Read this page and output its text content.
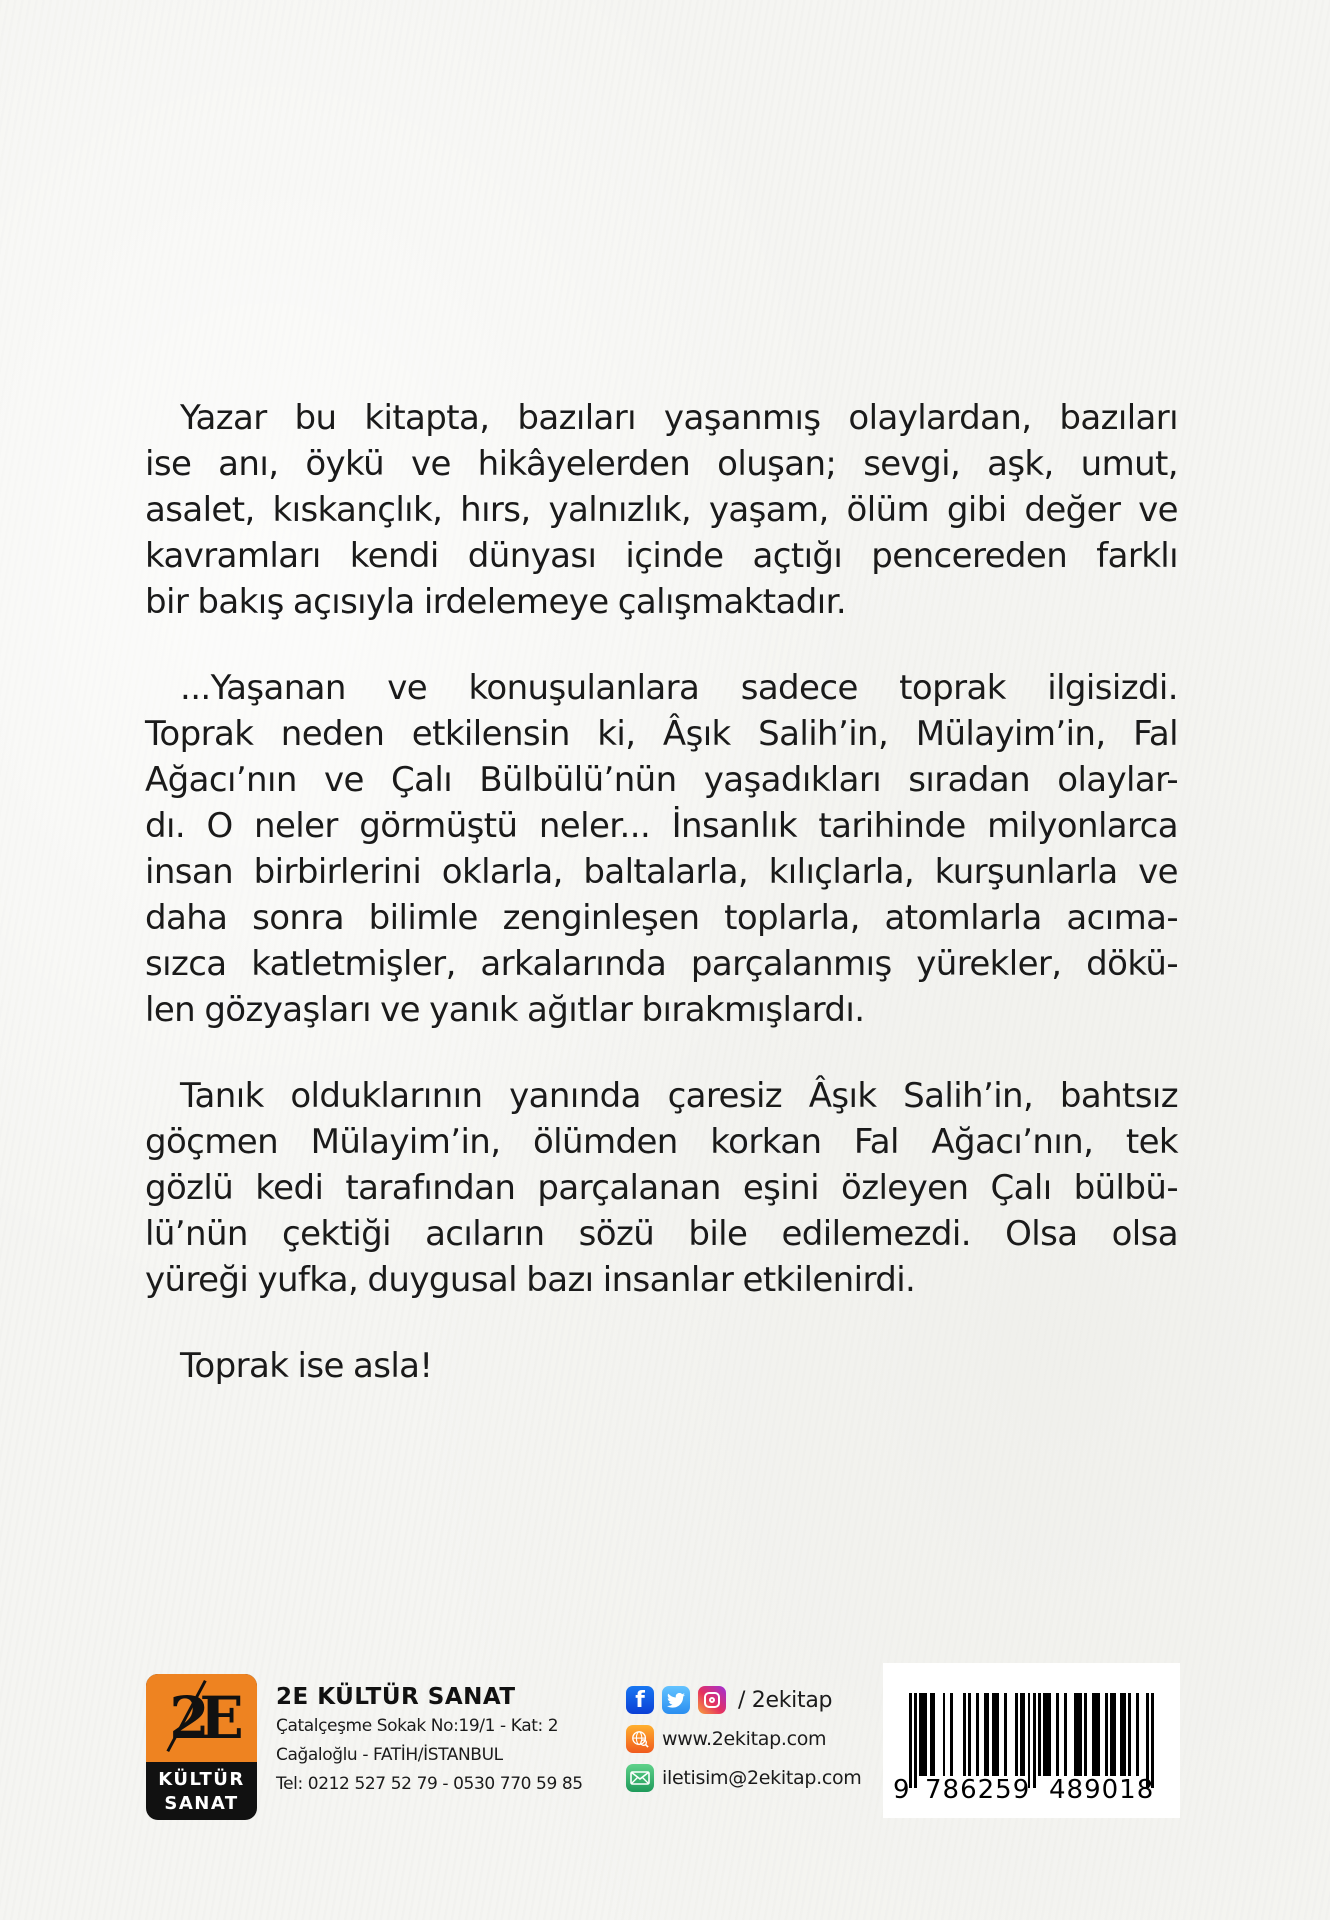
Yazar bu kitapta, bazıları yaşanmış olaylardan, bazıları
ise anı, öykü ve hikâyelerden oluşan; sevgi, aşk, umut,
asalet, kıskançlık, hırs, yalnızlık, yaşam, ölüm gibi değer ve
kavramları kendi dünyası içinde açtığı pencereden farklı
bir bakış açısıyla irdelemeye çalışmaktadır.
...Yaşanan ve konuşulanlara sadece toprak ilgisizdi.
Toprak neden etkilensin ki, Âşık Salih’in, Mülayim’in, Fal
Ağacı’nın ve Çalı Bülbülü’nün yaşadıkları sıradan olaylar-
dı. O neler görmüştü neler... İnsanlık tarihinde milyonlarca
insan birbirlerini oklarla, baltalarla, kılıçlarla, kurşunlarla ve
daha sonra bilimle zenginleşen toplarla, atomlarla acıma-
sızca katletmişler, arkalarında parçalanmış yürekler, dökü-
len gözyaşları ve yanık ağıtlar bırakmışlardı.
Tanık olduklarının yanında çaresiz Âşık Salih’in, bahtsız
göçmen Mülayim’in, ölümden korkan Fal Ağacı’nın, tek
gözlü kedi tarafından parçalanan eşini özleyen Çalı bülbü-
lü’nün çektiği acıların sözü bile edilemezdi. Olsa olsa
yüreği yufka, duygusal bazı insanlar etkilenirdi.
Toprak ise asla!
2E
KÜLTÜR
SANAT
2E KÜLTÜR SANAT
Çatalçeşme Sokak No:19/1 - Kat: 2
Cağaloğlu - FATİH/İSTANBUL
Tel: 0212 527 52 79 - 0530 770 59 85
f	/ 2ekitap
www.2ekitap.com
iletisim@2ekitap.com 9 786259 489018
